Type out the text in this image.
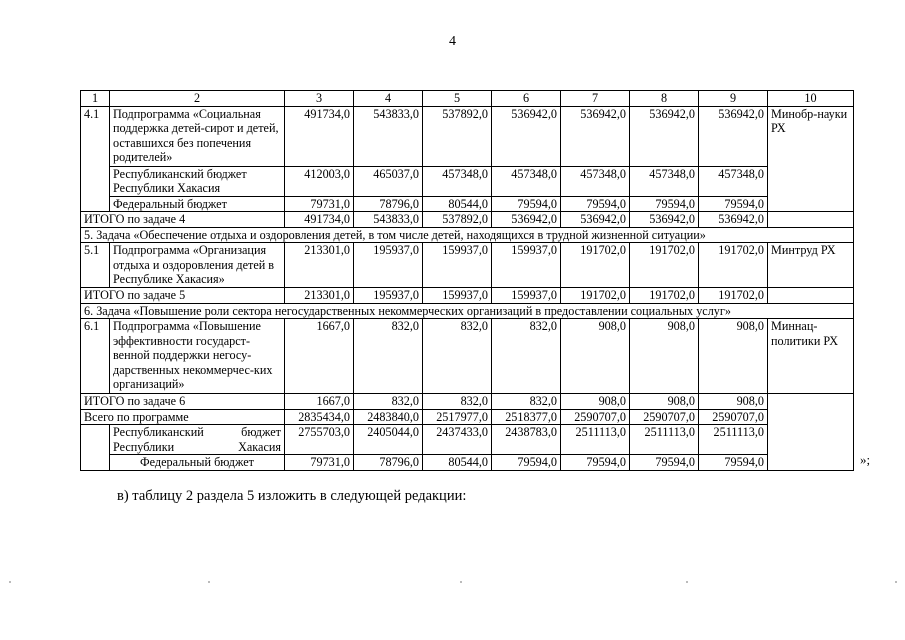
4
1	2	3	4	5	6	7	8	9	10
4.1	Подпрограмма «Социальная поддержка детей-сирот и детей, оставшихся без попечения родителей»	491734,0	543833,0	537892,0	536942,0	536942,0	536942,0	536942,0	Минобр-науки РХ
	Республиканский бюджет Республики Хакасия	412003,0	465037,0	457348,0	457348,0	457348,0	457348,0	457348,0	
	Федеральный бюджет	79731,0	78796,0	80544,0	79594,0	79594,0	79594,0	79594,0	
ИТОГО по задаче 4		491734,0	543833,0	537892,0	536942,0	536942,0	536942,0	536942,0	
5. Задача «Обеспечение отдыха и оздоровления детей, в том числе детей, находящихся в трудной жизненной ситуации»									
5.1	Подпрограмма «Организация отдыха и оздоровления детей в Республике Хакасия»	213301,0	195937,0	159937,0	159937,0	191702,0	191702,0	191702,0	Минтруд РХ
ИТОГО по задаче 5		213301,0	195937,0	159937,0	159937,0	191702,0	191702,0	191702,0	
6. Задача «Повышение роли сектора негосударственных некоммерческих организаций в предоставлении социальных услуг»									
6.1	Подпрограмма «Повышение эффективности государст-венной поддержки негосу-дарственных некоммерчес-ких организаций»	1667,0	832,0	832,0	832,0	908,0	908,0	908,0	Миннац-политики РХ
ИТОГО по задаче 6		1667,0	832,0	832,0	832,0	908,0	908,0	908,0	
Всего по программе		2835434,0	2483840,0	2517977,0	2518377,0	2590707,0	2590707,0	2590707,0	
	Республиканский бюджет Республики Хакасия	2755703,0	2405044,0	2437433,0	2438783,0	2511113,0	2511113,0	2511113,0	
	Федеральный бюджет	79731,0	78796,0	80544,0	79594,0	79594,0	79594,0	79594,0		»;
в) таблицу 2 раздела 5 изложить в следующей редакции:
